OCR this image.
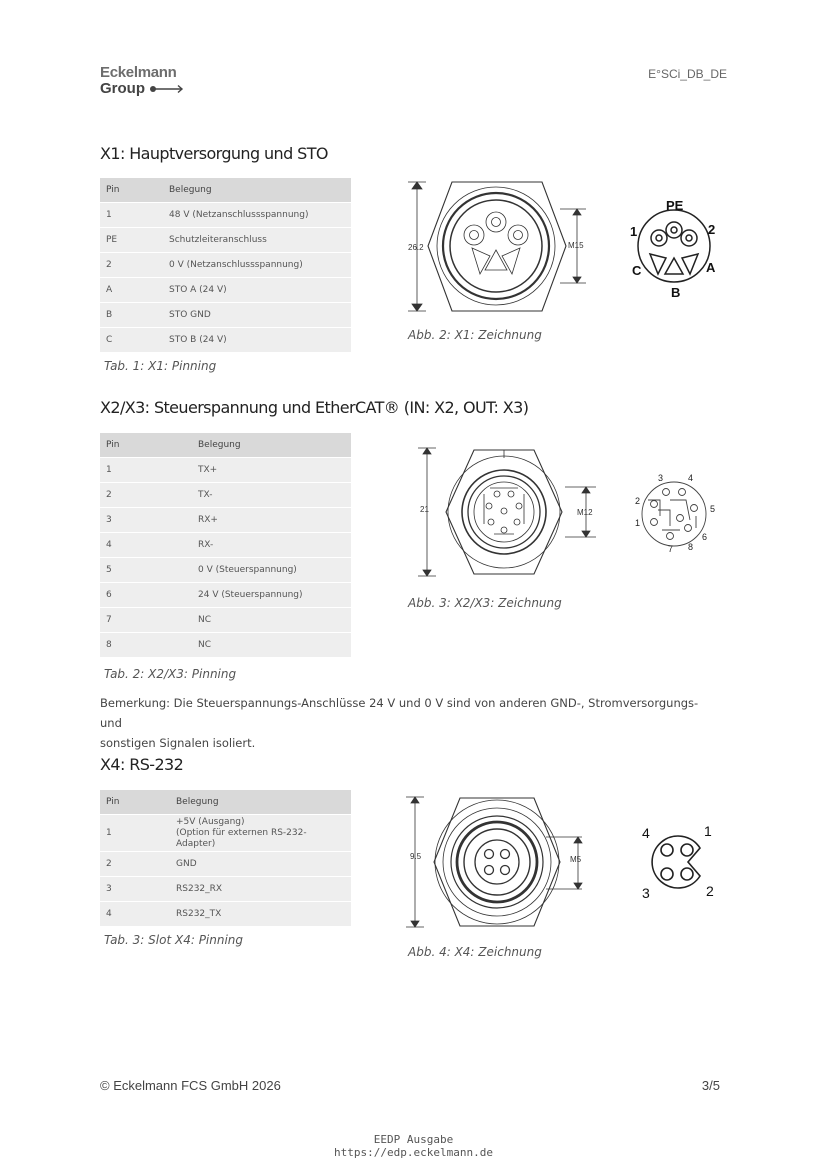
Eckelmann
Group
E°SCi_DB_DE
X1: Hauptversorgung und STO
Pin	Belegung
1	48 V (Netzanschlussspannung)
PE	Schutzleiteranschluss
2	0 V (Netzanschlussspannung)
A	STO A (24 V)
B	STO GND
C	STO B (24 V)
Tab. 1: X1: Pinning
26.2	M15
PE
1	2
C	A
B
Abb. 2: X1: Zeichnung
X2/X3: Steuerspannung und EtherCAT® (IN: X2, OUT: X3)
Pin	Belegung
1	TX+
2	TX-
3	RX+
4	RX-
5	0 V (Steuerspannung)
6	24 V (Steuerspannung)
7	NC
8	NC
Tab. 2: X2/X3: Pinning
21	M12
3	4
2
5
1
6
7 8
Abb. 3: X2/X3: Zeichnung
Bemerkung: Die Steuerspannungs-Anschlüsse 24 V und 0 V sind von anderen GND-, Stromversorgungs- und
sonstigen Signalen isoliert.
X4: RS-232
Pin	Belegung
1	+5V (Ausgang)
(Option für externen RS-232-Adapter)

2	GND
3	RS232_RX
4	RS232_TX
Tab. 3: Slot X4: Pinning
9.5	M5
4	1
3	2
Abb. 4: X4: Zeichnung
© Eckelmann FCS GmbH 2026	3/5
EEDP Ausgabe
https://edp.eckelmann.de
